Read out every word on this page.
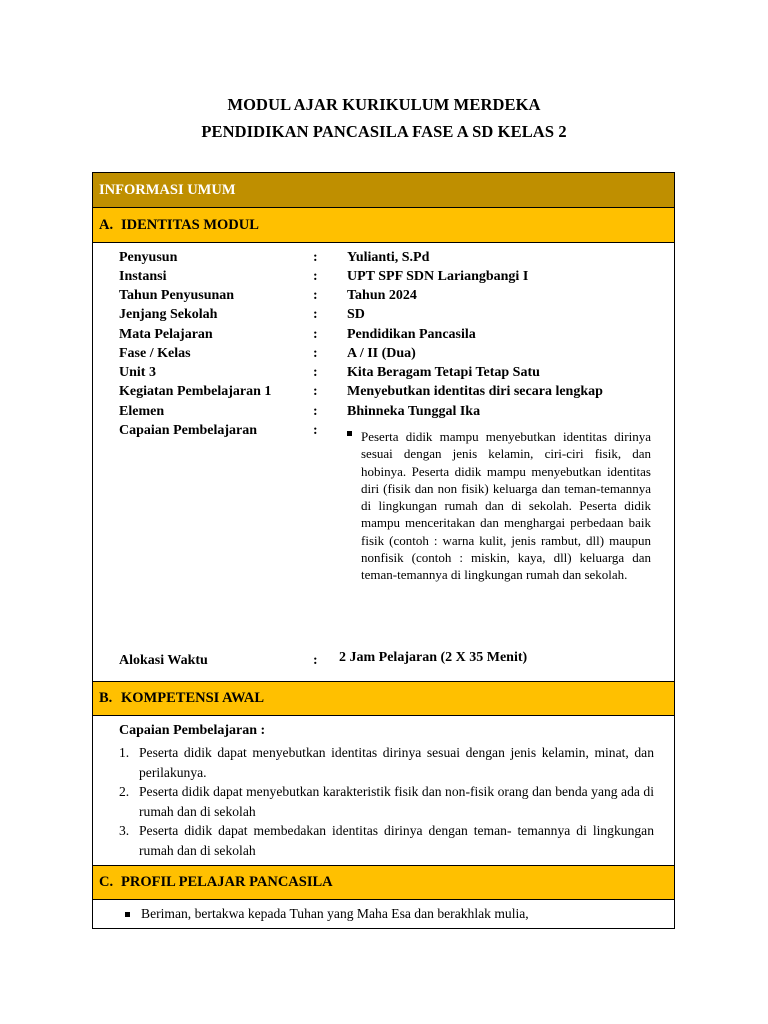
MODUL AJAR KURIKULUM MERDEKA
PENDIDIKAN PANCASILA FASE A SD KELAS 2
INFORMASI UMUM
A. IDENTITAS MODUL
Penyusun	: Yulianti, S.Pd
Instansi	: UPT SPF SDN Lariangbangi I
Tahun Penyusunan	: Tahun 2024
Jenjang Sekolah	: SD
Mata Pelajaran	: Pendidikan Pancasila
Fase / Kelas	: A / II (Dua)
Unit 3	: Kita Beragam Tetapi Tetap Satu
Kegiatan Pembelajaran 1	: Menyebutkan identitas diri secara lengkap
Elemen	: Bhinneka Tunggal Ika
Capaian Pembelajaran	:	Peserta didik mampu menyebutkan identitas dirinya sesuai dengan jenis kelamin, ciri-ciri fisik, dan hobinya. Peserta didik mampu menyebutkan identitas diri (fisik dan non fisik) keluarga dan teman-temannya di lingkungan rumah dan di sekolah. Peserta didik mampu menceritakan dan menghargai perbedaan baik fisik (contoh : warna kulit, jenis rambut, dll) maupun nonfisik (contoh : miskin, kaya, dll) keluarga dan teman-temannya di lingkungan rumah dan sekolah.
Alokasi Waktu	: 2 Jam Pelajaran (2 X 35 Menit)
B. KOMPETENSI AWAL
Capaian Pembelajaran :
1. Peserta didik dapat menyebutkan identitas dirinya sesuai dengan jenis kelamin, minat, dan perilakunya.
2. Peserta didik dapat menyebutkan karakteristik fisik dan non-fisik orang dan benda yang ada di rumah dan di sekolah
3. Peserta didik dapat membedakan identitas dirinya dengan teman- temannya di lingkungan rumah dan di sekolah
C. PROFIL PELAJAR PANCASILA
Beriman, bertakwa kepada Tuhan yang Maha Esa dan berakhlak mulia,
